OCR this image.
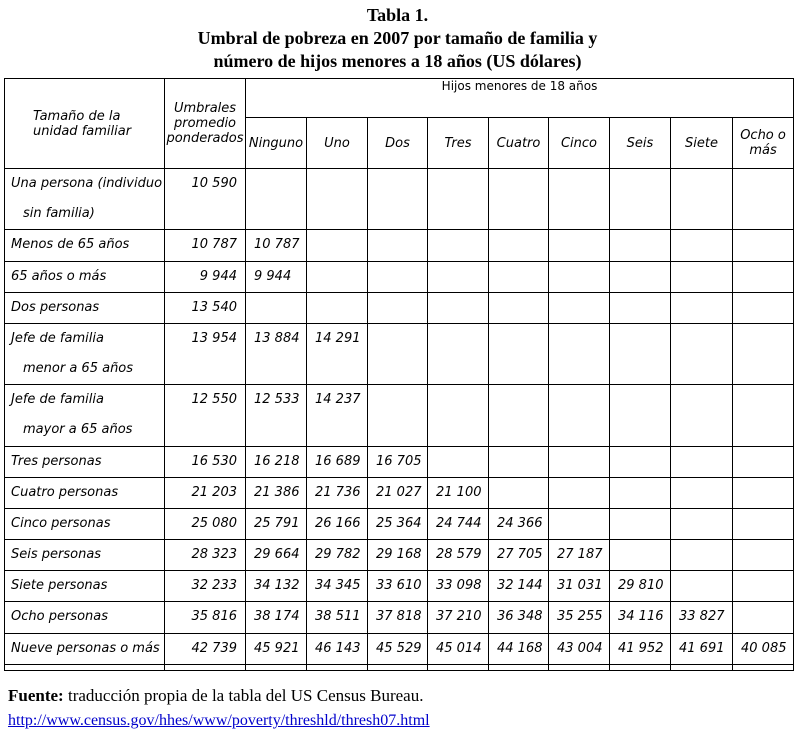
Tabla 1.
Umbral de pobreza en 2007 por tamaño de familia y
número de hijos menores a 18 años (US dólares)
Tamaño de la
unidad familiar	Umbrales
promedio
ponderados	Hijos menores de 18 años								
		Ninguno	Uno	Dos	Tres	Cuatro	Cinco	Seis	Siete	Ocho o
más

Una persona (individuo
sin familia)	10 590									

Menos de 65 años	10 787	10 787								

65 años o más	9 944	9 944								

Dos personas	13 540									

Jefe de familia
menor a 65 años	13 954	13 884	14 291							

Jefe de familia
mayor a 65 años	12 550	12 533	14 237							

Tres personas	16 530	16 218	16 689	16 705						

Cuatro personas	21 203	21 386	21 736	21 027	21 100					

Cinco personas	25 080	25 791	26 166	25 364	24 744	24 366				

Seis personas	28 323	29 664	29 782	29 168	28 579	27 705	27 187			

Siete personas	32 233	34 132	34 345	33 610	33 098	32 144	31 031	29 810		

Ocho personas	35 816	38 174	38 511	37 818	37 210	36 348	35 255	34 116	33 827	

Nueve personas o más	42 739	45 921	46 143	45 529	45 014	44 168	43 004	41 952	41 691	40 085

Fuente: traducción propia de la tabla del US Census Bureau.
http://www.census.gov/hhes/www/poverty/threshld/thresh07.html
